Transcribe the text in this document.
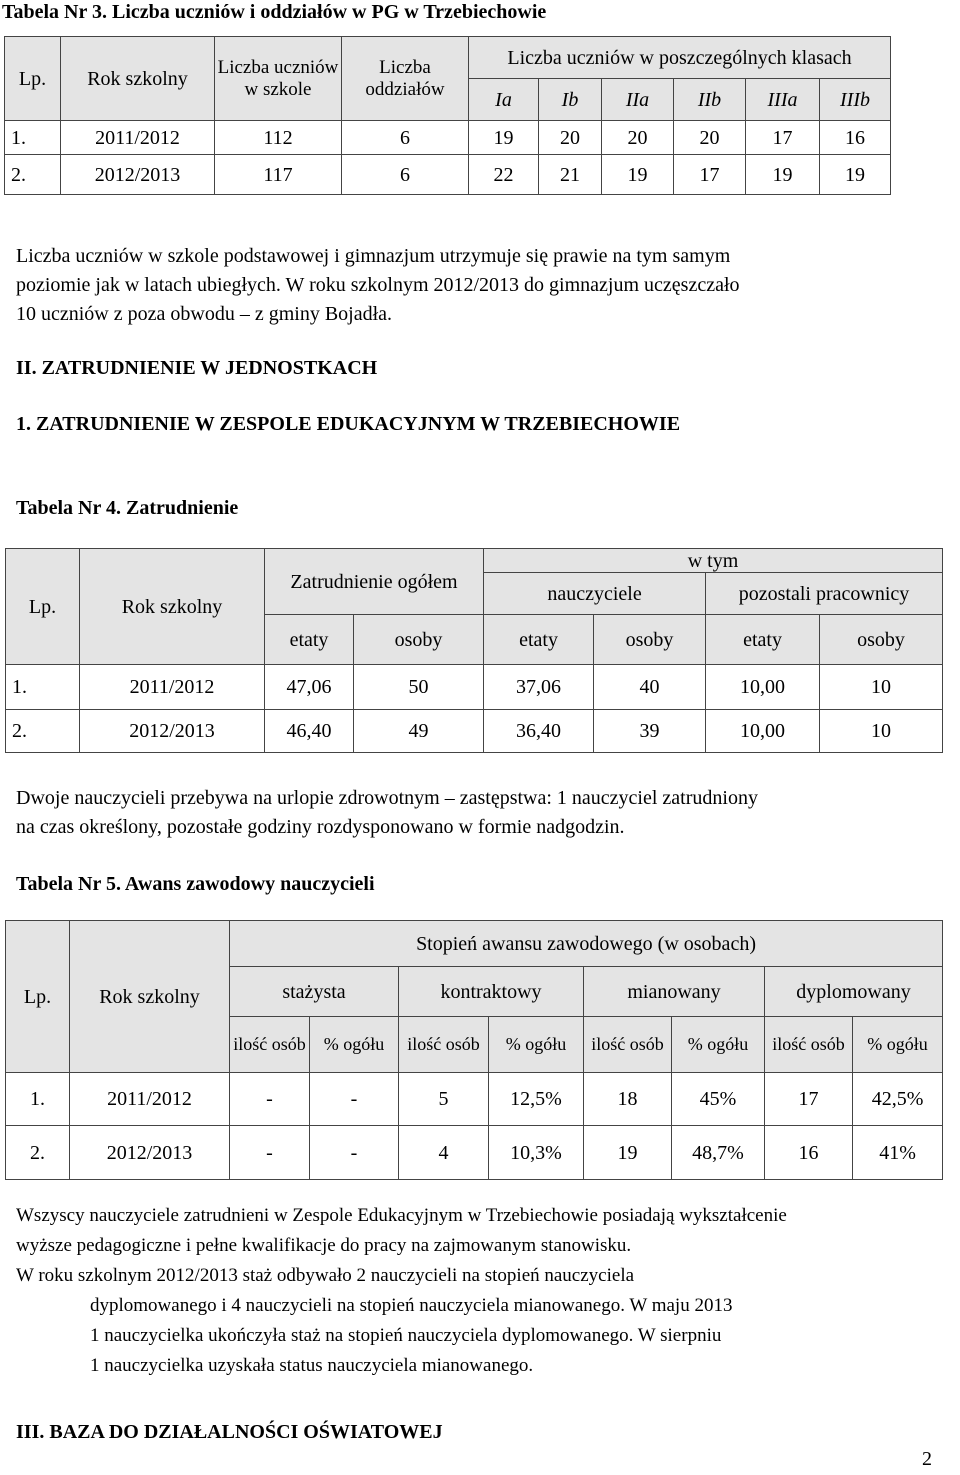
Tabela Nr 3. Liczba uczniów i oddziałów w PG w Trzebiechowie
Lp.	Rok szkolny	Liczba uczniów w szkole	Liczba oddziałów	Liczba uczniów w poszczególnych klasach					
				Ia	Ib	IIa	IIb	IIIa	IIIb
1.	2011/2012	112	6	19	20	20	20	17	16
2.	2012/2013	117	6	22	21	19	17	19	19
Liczba uczniów w szkole podstawowej i gimnazjum utrzymuje się prawie na tym samym
poziomie jak w latach ubiegłych. W roku szkolnym 2012/2013 do gimnazjum uczęszczało
10 uczniów z poza obwodu – z gminy Bojadła.
II. ZATRUDNIENIE W JEDNOSTKACH
1. ZATRUDNIENIE W ZESPOLE EDUKACYJNYM W TRZEBIECHOWIE
Tabela Nr 4. Zatrudnienie
Lp.	Rok szkolny	Zatrudnienie ogółem		w tym			
				nauczyciele		pozostali pracownicy	
		etaty	osoby	etaty	osoby	etaty	osoby
1.	2011/2012	47,06	50	37,06	40	10,00	10
2.	2012/2013	46,40	49	36,40	39	10,00	10
Dwoje nauczycieli przebywa na urlopie zdrowotnym – zastępstwa: 1 nauczyciel zatrudniony
na czas określony, pozostałe godziny rozdysponowano w formie nadgodzin.
Tabela Nr 5. Awans zawodowy nauczycieli
Lp.	Rok szkolny	Stopień awansu zawodowego (w osobach)							
		stażysta		kontraktowy		mianowany		dyplomowany	
		ilość osób	% ogółu	ilość osób	% ogółu	ilość osób	% ogółu	ilość osób	% ogółu
1.	2011/2012	-	-	5	12,5%	18	45%	17	42,5%
2.	2012/2013	-	-	4	10,3%	19	48,7%	16	41%
Wszyscy nauczyciele zatrudnieni w Zespole Edukacyjnym w Trzebiechowie posiadają wykształcenie
wyższe pedagogiczne i pełne kwalifikacje do pracy na zajmowanym stanowisku.
W roku szkolnym 2012/2013 staż odbywało 2 nauczycieli na stopień nauczyciela
dyplomowanego i 4 nauczycieli na stopień nauczyciela mianowanego. W maju 2013
1 nauczycielka ukończyła staż na stopień nauczyciela dyplomowanego. W sierpniu
1 nauczycielka uzyskała status nauczyciela mianowanego.
III. BAZA DO DZIAŁALNOŚCI OŚWIATOWEJ
2
